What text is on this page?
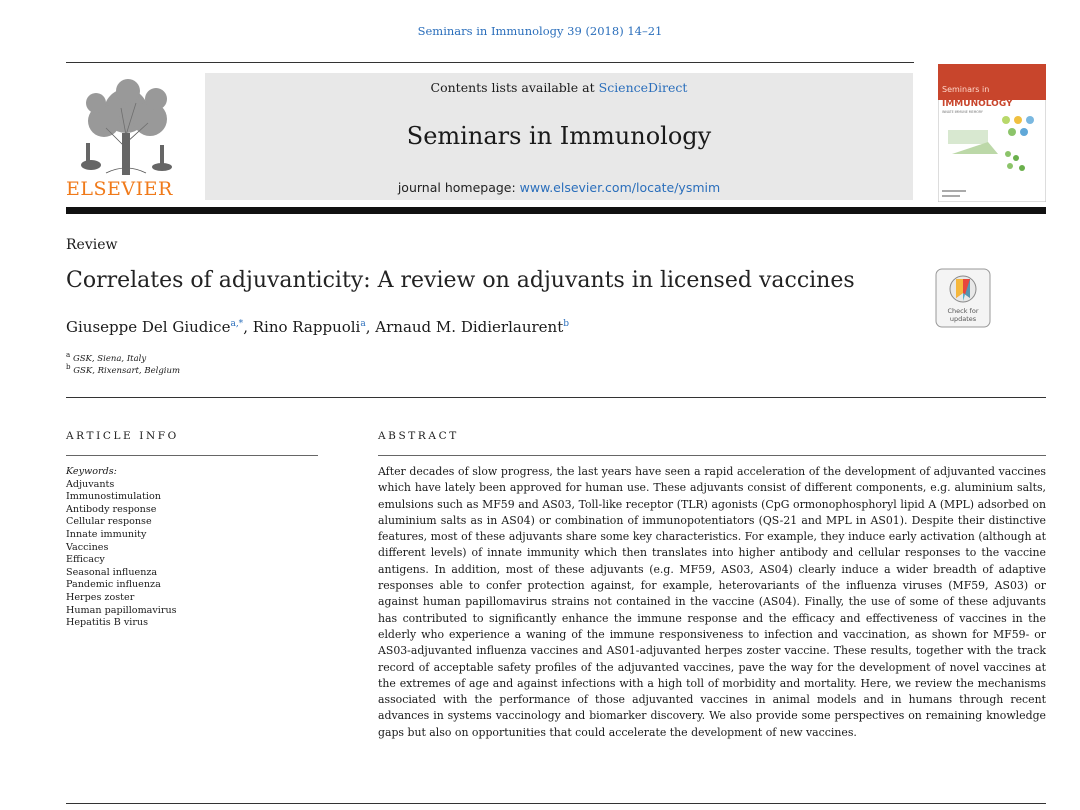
Seminars in Immunology 39 (2018) 14–21
ELSEVIER
Contents lists available at ScienceDirect
Seminars in Immunology
journal homepage: www.elsevier.com/locate/ysmim
Seminars in
IMMUNOLOGY
INNATE IMMUNE MEMORY
Review
Correlates of adjuvanticity: A review on adjuvants in licensed vaccines
Check for
updates
Giuseppe Del Giudice$^{a,*}$, Rino Rappuoli$^a$, Arnaud M. Didierlaurent$^b$
$^a$ GSK, Siena, Italy
$^b$ GSK, Rixensart, Belgium
ARTICLE INFO	ABSTRACT
Keywords:
Adjuvants
Immunostimulation
Antibody response
Cellular response
Innate immunity
Vaccines
Efficacy
Seasonal influenza
Pandemic influenza
Herpes zoster
Human papillomavirus
Hepatitis B virus
After decades of slow progress, the last years have seen a rapid acceleration of the development of adjuvanted vaccines which have lately been approved for human use. These adjuvants consist of different components, e.g. aluminium salts, emulsions such as MF59 and AS03, Toll-like receptor (TLR) agonists (CpG ormonophosphoryl lipid A (MPL) adsorbed on aluminium salts as in AS04) or combination of immunopotentiators (QS-21 and MPL in AS01). Despite their distinctive features, most of these adjuvants share some key characteristics. For example, they induce early activation (although at different levels) of innate immunity which then translates into higher antibody and cellular responses to the vaccine antigens. In addition, most of these adjuvants (e.g. MF59, AS03, AS04) clearly induce a wider breadth of adaptive responses able to confer protection against, for example, heterovariants of the influenza viruses (MF59, AS03) or against human papillomavirus strains not contained in the vaccine (AS04). Finally, the use of some of these adjuvants has contributed to significantly enhance the immune response and the efficacy and effectiveness of vaccines in the elderly who experience a waning of the immune responsiveness to infection and vaccination, as shown for MF59- or AS03-adjuvanted influenza vaccines and AS01-adjuvanted herpes zoster vaccine. These results, together with the track record of acceptable safety profiles of the adjuvanted vaccines, pave the way for the development of novel vaccines at the extremes of age and against infections with a high toll of morbidity and mortality. Here, we review the mechanisms associated with the performance of those adjuvanted vaccines in animal models and in humans through recent advances in systems vaccinology and biomarker discovery. We also provide some perspectives on remaining knowledge gaps but also on opportunities that could accelerate the development of new vaccines.
